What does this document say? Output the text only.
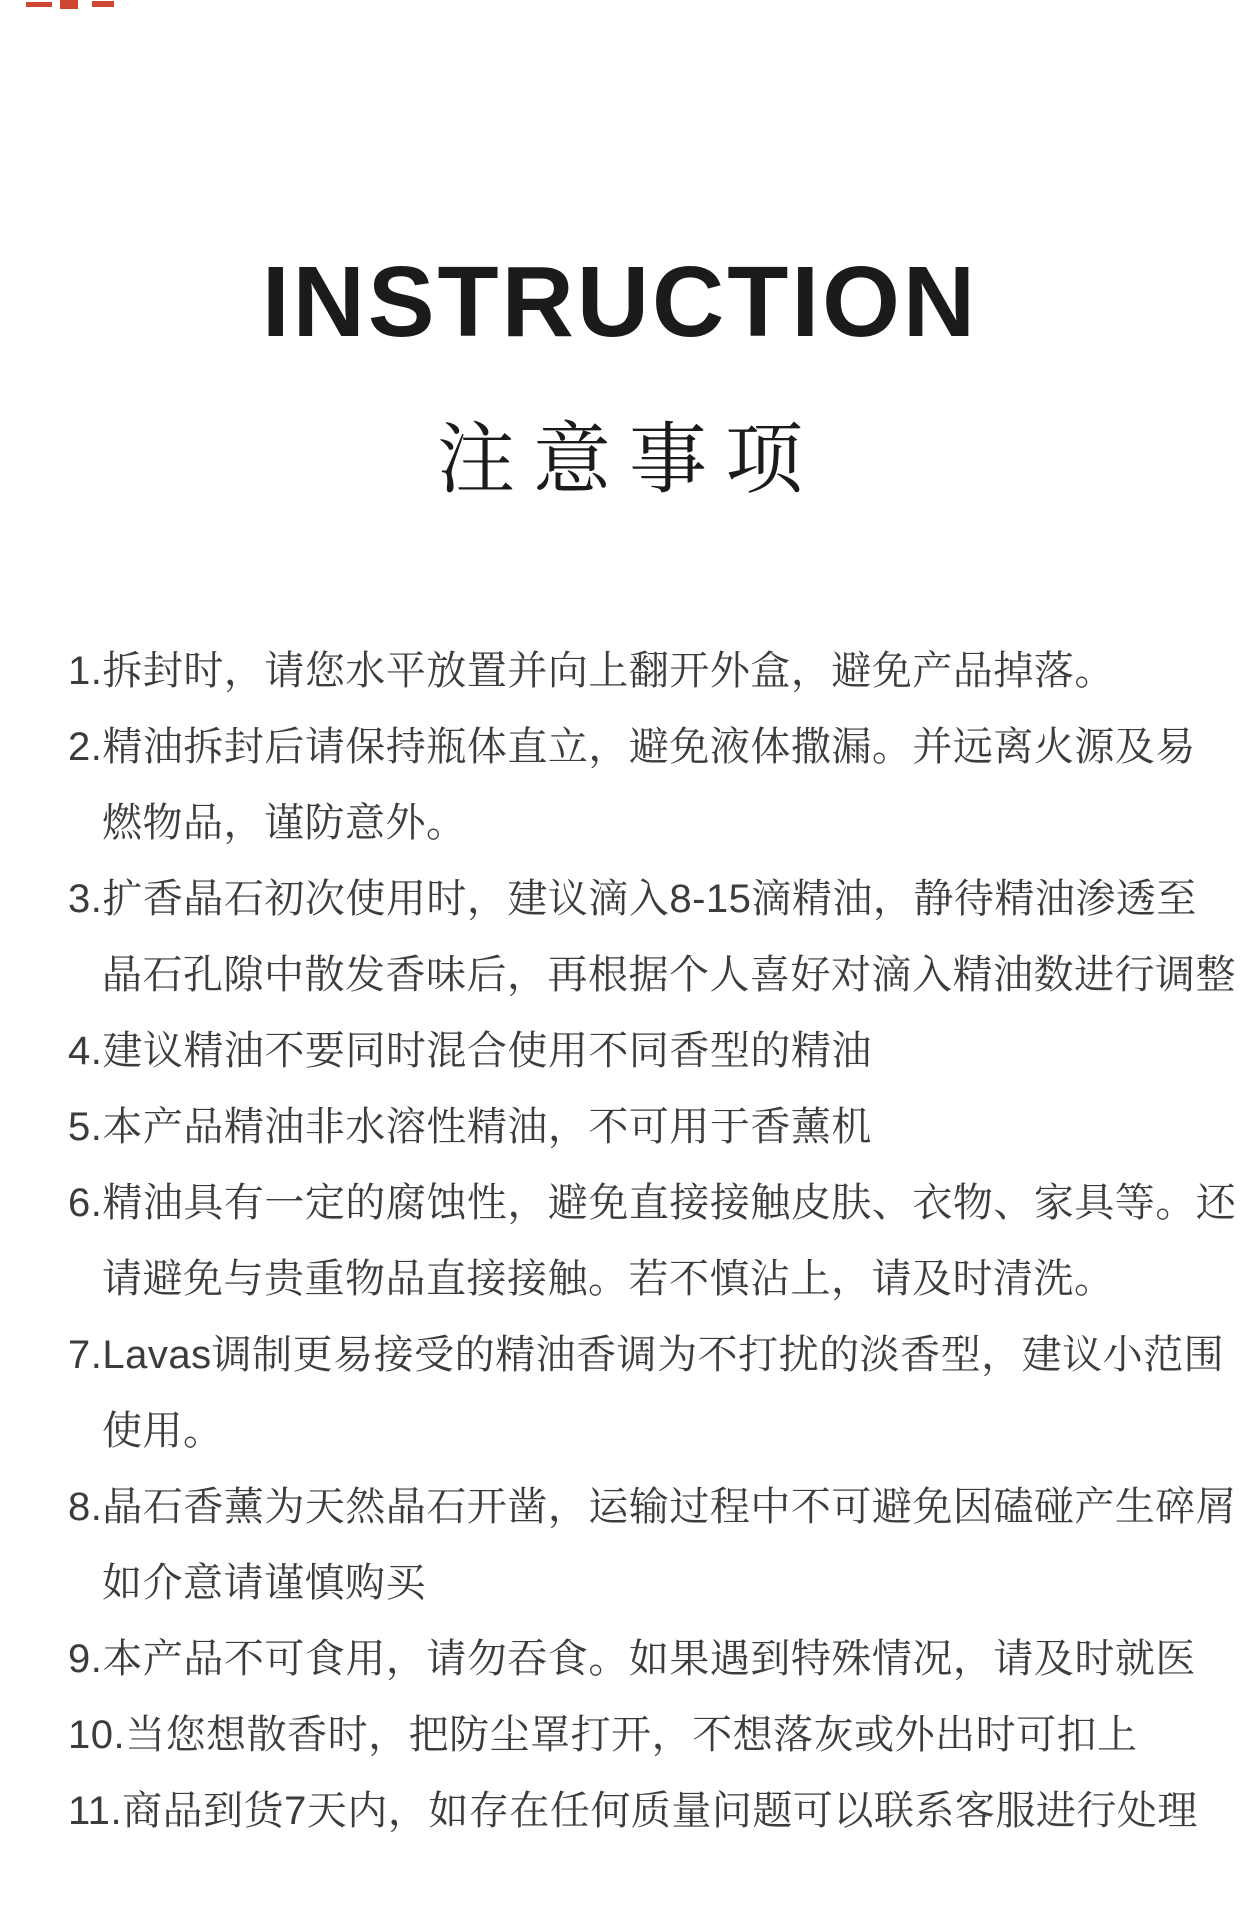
INSTRUCTION
注意事项

1.拆封时，请您水平放置并向上翻开外盒，避免产品掉落。

2.精油拆封后请保持瓶体直立，避免液体撒漏。并远离火源及易

燃物品，谨防意外。

3.扩香晶石初次使用时，建议滴入8-15滴精油，静待精油渗透至

晶石孔隙中散发香味后，再根据个人喜好对滴入精油数进行调整

4.建议精油不要同时混合使用不同香型的精油

5.本产品精油非水溶性精油，不可用于香薰机

6.精油具有一定的腐蚀性，避免直接接触皮肤、衣物、家具等。还

请避免与贵重物品直接接触。若不慎沾上，请及时清洗。

7.Lavas调制更易接受的精油香调为不打扰的淡香型，建议小范围

使用。

8.晶石香薰为天然晶石开凿，运输过程中不可避免因磕碰产生碎屑

如介意请谨慎购买

9.本产品不可食用，请勿吞食。如果遇到特殊情况，请及时就医

10.当您想散香时，把防尘罩打开，不想落灰或外出时可扣上

11.商品到货7天内，如存在任何质量问题可以联系客服进行处理
